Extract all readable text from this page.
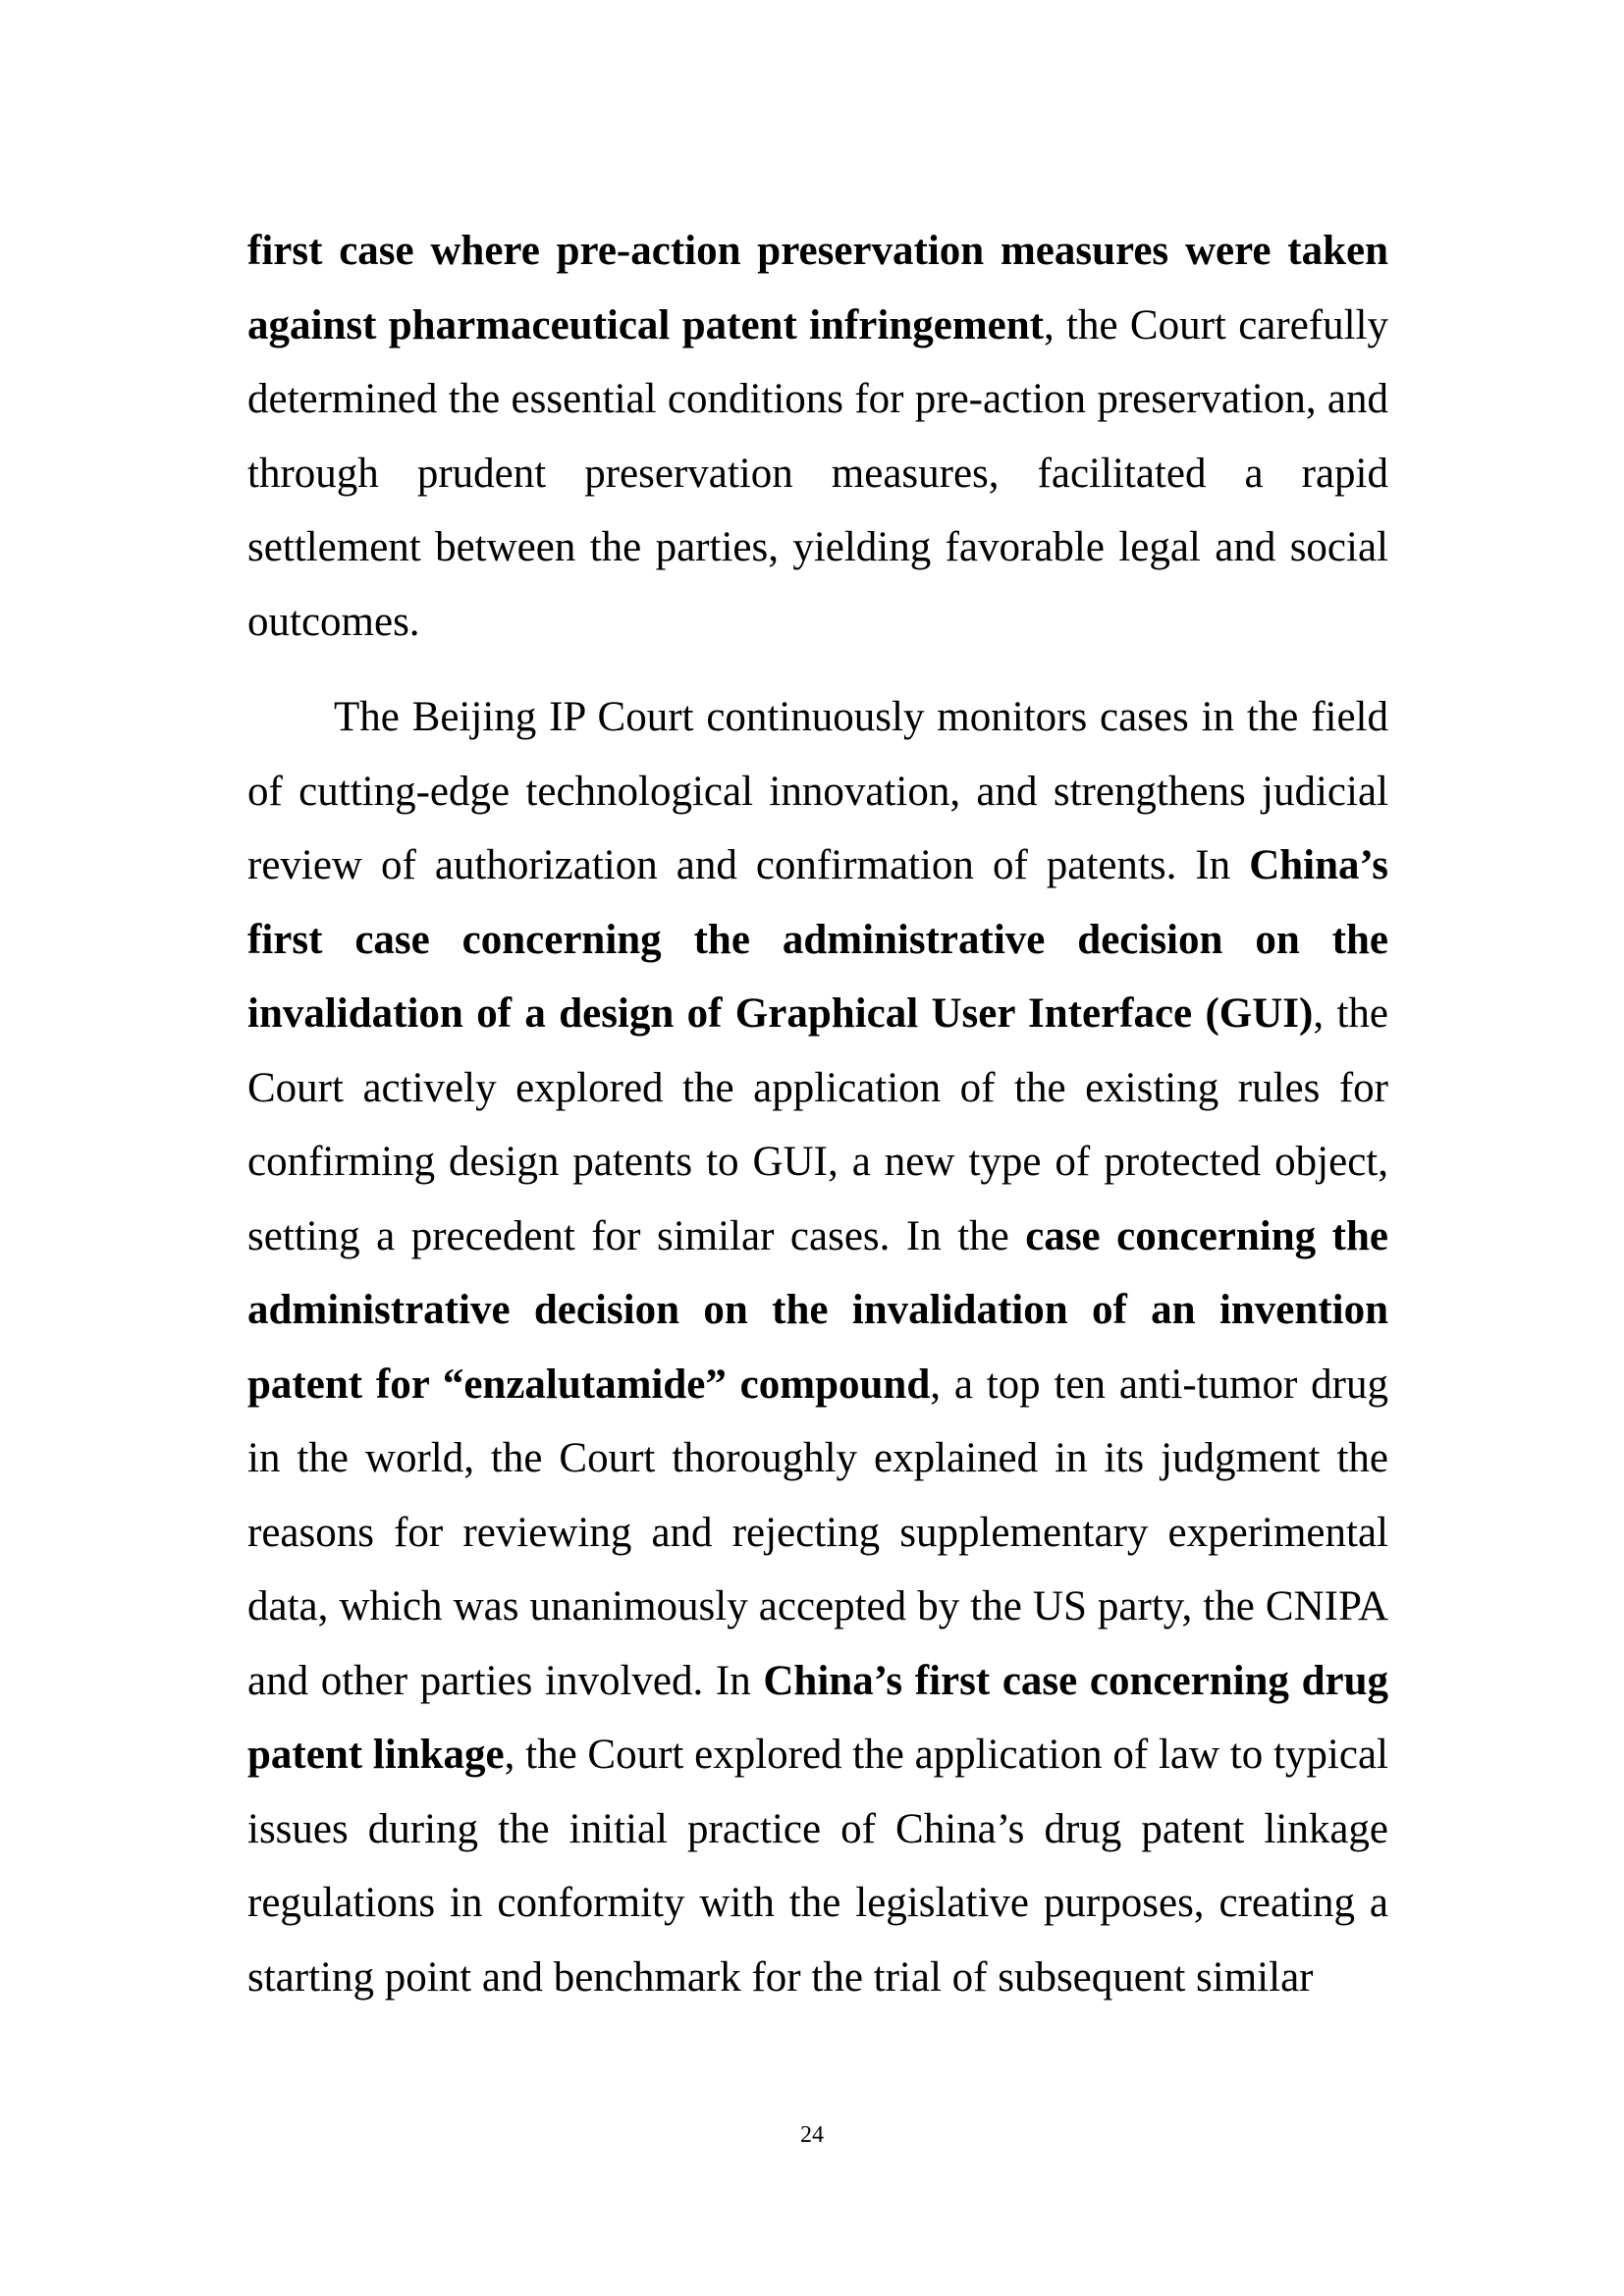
first case where pre-action preservation measures were taken against pharmaceutical patent infringement, the Court carefully determined the essential conditions for pre-action preservation, and through prudent preservation measures, facilitated a rapid settlement between the parties, yielding favorable legal and social outcomes.

The Beijing IP Court continuously monitors cases in the field of cutting-edge technological innovation, and strengthens judicial review of authorization and confirmation of patents. In China’s first case concerning the administrative decision on the invalidation of a design of Graphical User Interface (GUI), the Court actively explored the application of the existing rules for confirming design patents to GUI, a new type of protected object, setting a precedent for similar cases. In the case concerning the administrative decision on the invalidation of an invention patent for “enzalutamide” compound, a top ten anti-tumor drug in the world, the Court thoroughly explained in its judgment the reasons for reviewing and rejecting supplementary experimental data, which was unanimously accepted by the US party, the CNIPA and other parties involved. In China’s first case concerning drug patent linkage, the Court explored the application of law to typical issues during the initial practice of China’s drug patent linkage regulations in conformity with the legislative purposes, creating a starting point and benchmark for the trial of subsequent similar

24
